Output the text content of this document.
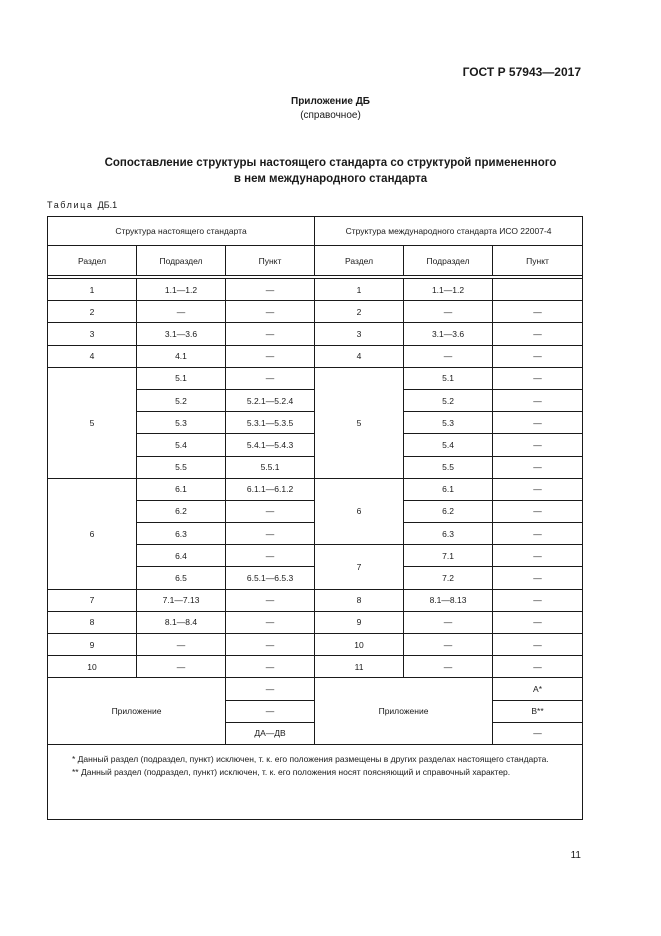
ГОСТ Р 57943—2017
Приложение ДБ
(справочное)
Сопоставление структуры настоящего стандарта со структурой примененного
в нем международного стандарта
Таблица ДБ.1
Структура настоящего стандарта			Структура международного стандарта ИСО 22007-4		
Раздел	Подраздел	Пункт	Раздел	Подраздел	Пункт

1	1.1—1.2	—	1	1.1—1.2	
2	—	—	2	—	—
3	3.1—3.6	—	3	3.1—3.6	—
4	4.1	—	4	—	—
5	5.1	—	5	5.1	—
	5.2	5.2.1—5.2.4		5.2	—
	5.3	5.3.1—5.3.5		5.3	—
	5.4	5.4.1—5.4.3		5.4	—
	5.5	5.5.1		5.5	—
6	6.1	6.1.1—6.1.2	6	6.1	—
	6.2	—		6.2	—
	6.3	—		6.3	—
	6.4	—	7	7.1	—
	6.5	6.5.1—6.5.3		7.2	—
7	7.1—7.13	—	8	8.1—8.13	—
8	8.1—8.4	—	9	—	—
9	—	—	10	—	—
10	—	—	11	—	—
Приложение		—	Приложение		А*
		—			В**
		ДА—ДВ			—

* Данный раздел (подраздел, пункт) исключен, т. к. его положения размещены в других разделах настоящего стандарта.

** Данный раздел (подраздел, пункт) исключен, т. к. его положения носят поясняющий и справочный характер.					

11
